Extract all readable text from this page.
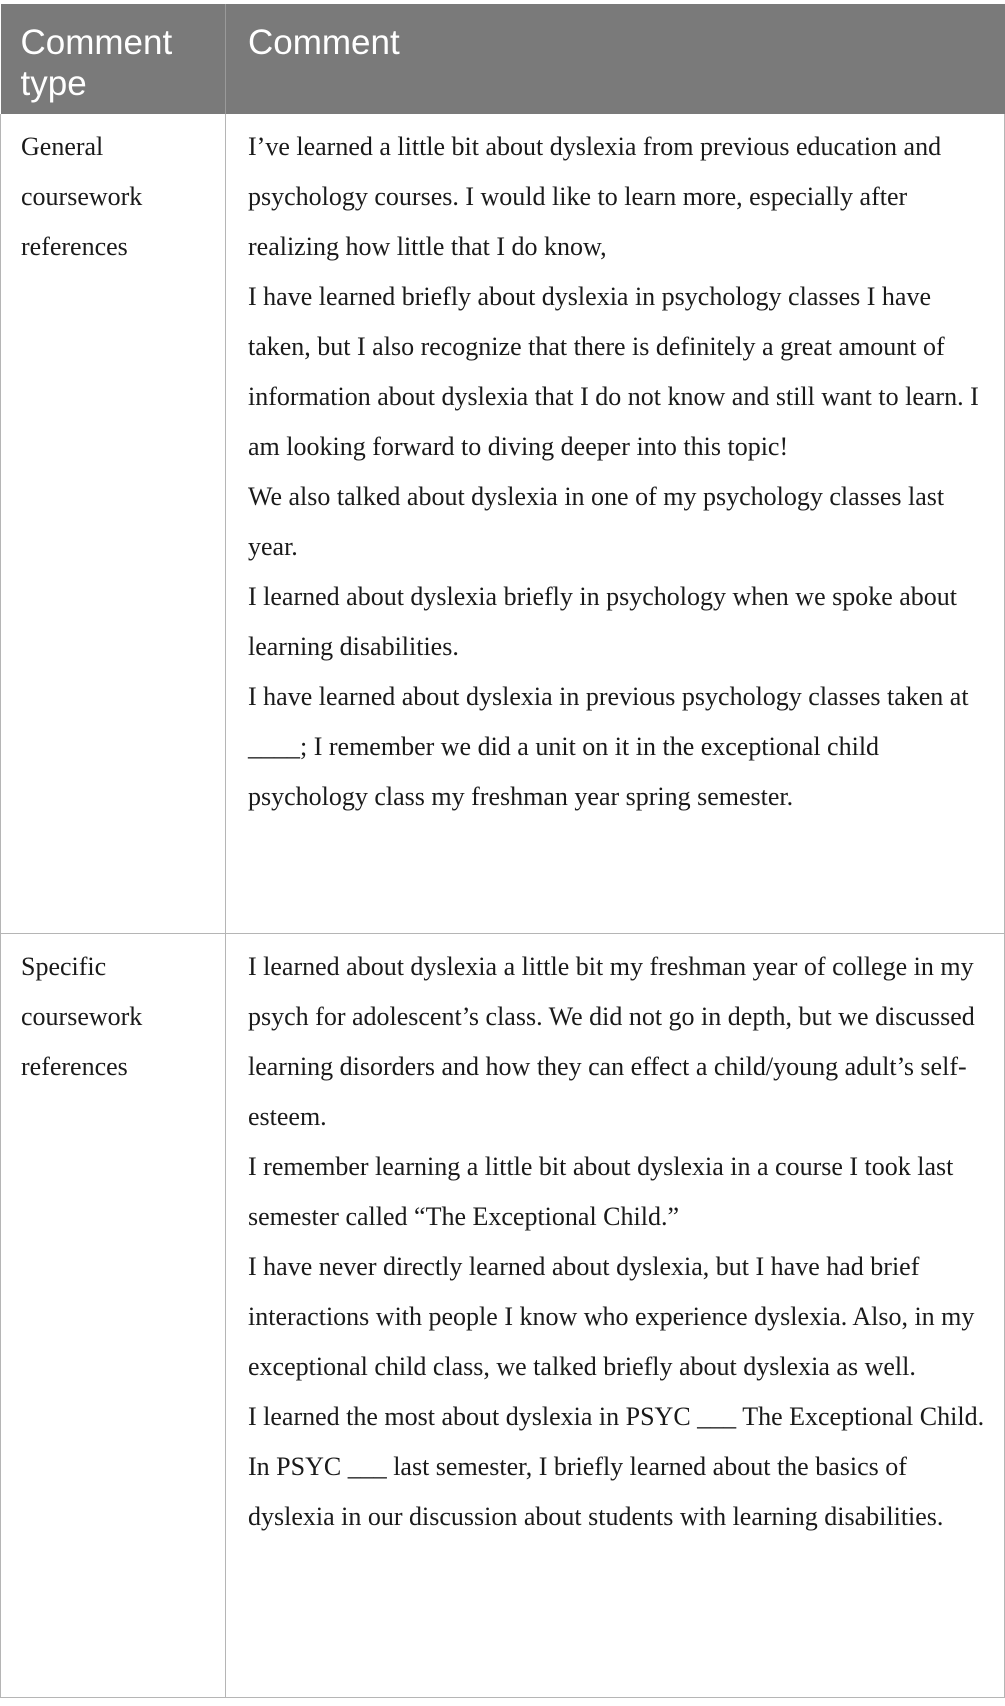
Comment type	Comment

General coursework references	I’ve learned a little bit about dyslexia from previous education and psychology courses. I would like to learn more, especially after realizing how little that I do know,

I have learned briefly about dyslexia in psychology classes I have taken, but I also recognize that there is definitely a great amount of information about dyslexia that I do not know and still want to learn. I am looking forward to diving deeper into this topic!

We also talked about dyslexia in one of my psychology classes last year.

I learned about dyslexia briefly in psychology when we spoke about learning disabilities.

I have learned about dyslexia in previous psychology classes taken at ____; I remember we did a unit on it in the exceptional child psychology class my freshman year spring semester.

Specific coursework references	I learned about dyslexia a little bit my freshman year of college in my psych for adolescent’s class. We did not go in depth, but we discussed learning disorders and how they can effect a child/young adult’s self-esteem.

I remember learning a little bit about dyslexia in a course I took last semester called “The Exceptional Child.”

I have never directly learned about dyslexia, but I have had brief interactions with people I know who experience dyslexia. Also, in my exceptional child class, we talked briefly about dyslexia as well.

I learned the most about dyslexia in PSYC ___ The Exceptional Child.

In PSYC ___ last semester, I briefly learned about the basics of dyslexia in our discussion about students with learning disabilities.
